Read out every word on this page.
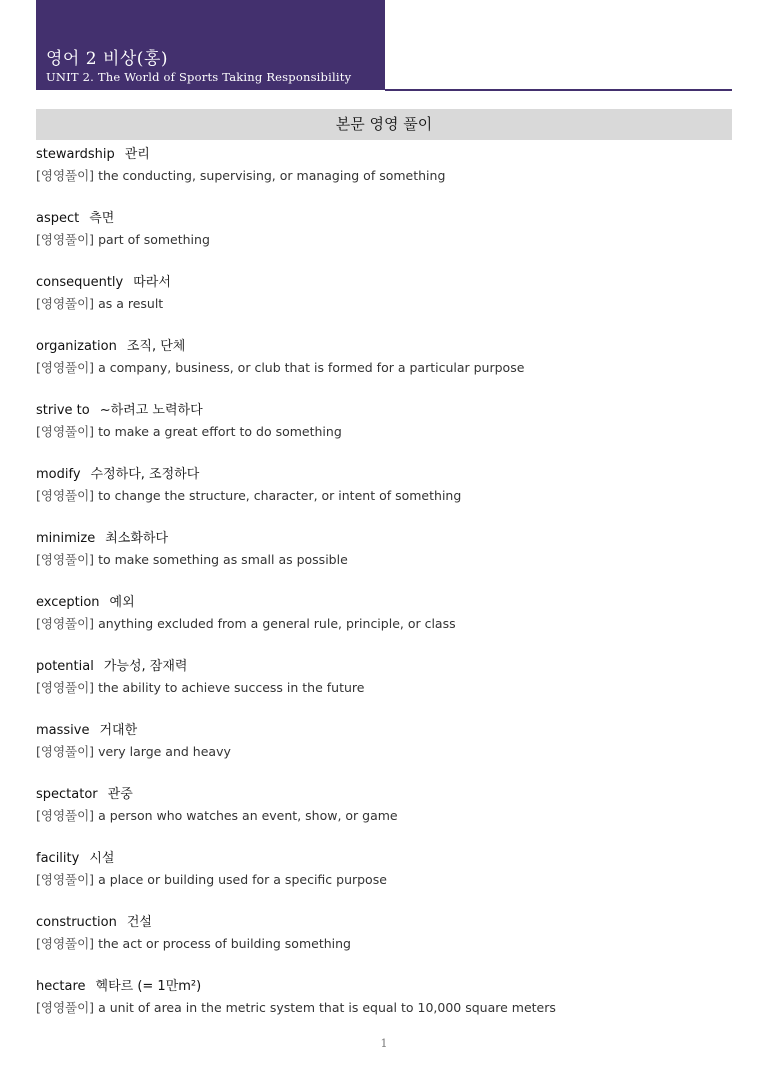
영어 2 비상(홍)
UNIT 2. The World of Sports Taking Responsibility
본문 영영 풀이
stewardship 관리
[영영풀이] the conducting, supervising, or managing of something
aspect 측면
[영영풀이] part of something
consequently 따라서
[영영풀이] as a result
organization 조직, 단체
[영영풀이] a company, business, or club that is formed for a particular purpose
strive to ~하려고 노력하다
[영영풀이] to make a great effort to do something
modify 수정하다, 조정하다
[영영풀이] to change the structure, character, or intent of something
minimize 최소화하다
[영영풀이] to make something as small as possible
exception 예외
[영영풀이] anything excluded from a general rule, principle, or class
potential 가능성, 잠재력
[영영풀이] the ability to achieve success in the future
massive 거대한
[영영풀이] very large and heavy
spectator 관중
[영영풀이] a person who watches an event, show, or game
facility 시설
[영영풀이] a place or building used for a specific purpose
construction 건설
[영영풀이] the act or process of building something
hectare 헥타르 (= 1만m²)
[영영풀이] a unit of area in the metric system that is equal to 10,000 square meters
1
